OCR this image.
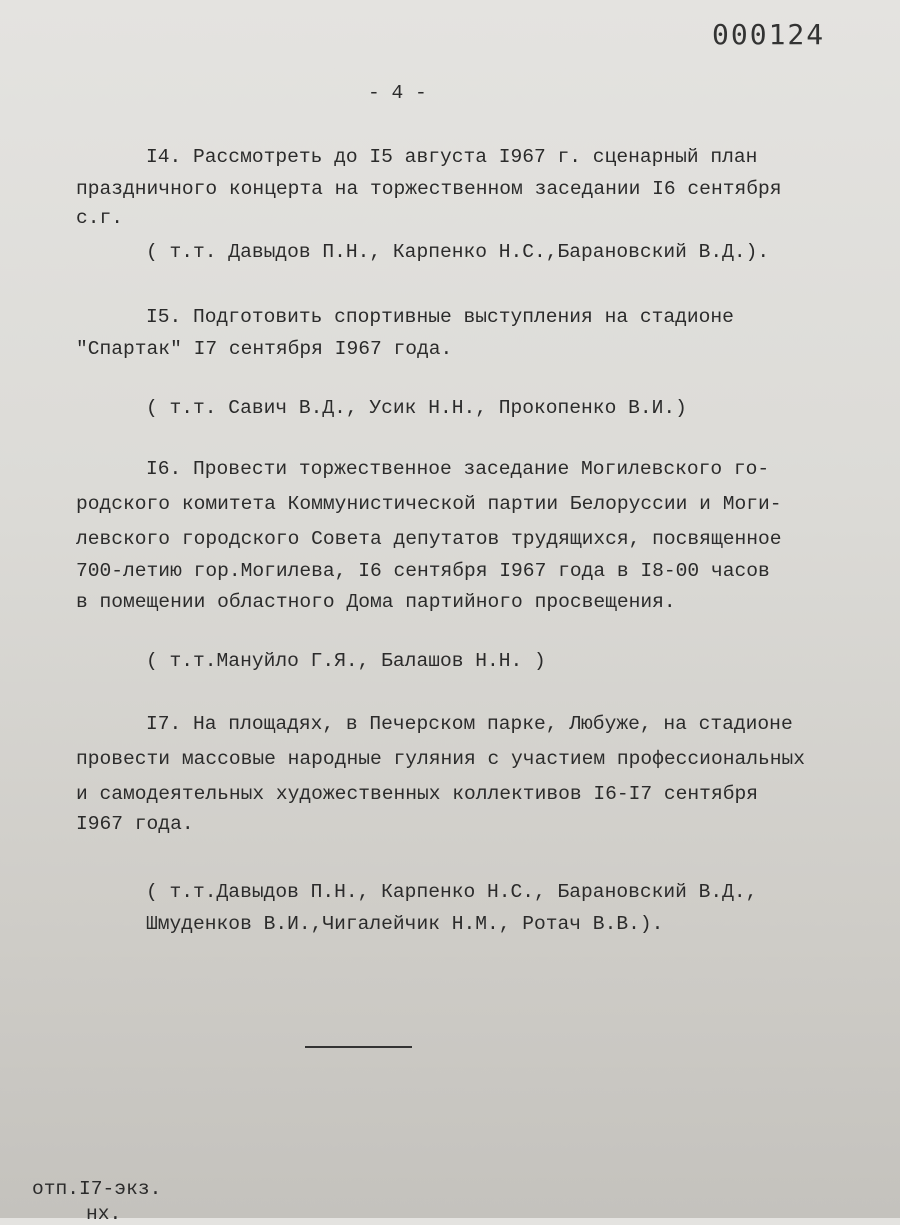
000124
- 4 -
I4. Рассмотреть до I5 августа I967 г. сценарный план
праздничного концерта на торжественном заседании I6 сентября
с.г.
( т.т. Давыдов П.Н., Карпенко Н.С.,Барановский В.Д.).
I5. Подготовить спортивные выступления на стадионе
"Спартак" I7 сентября I967 года.
( т.т. Савич В.Д., Усик Н.Н., Прокопенко В.И.)
I6. Провести торжественное заседание Могилевского го-
родского комитета Коммунистической партии Белоруссии и Моги-
левского городского Совета депутатов трудящихся, посвященное
700-летию гор.Могилева, I6 сентября I967 года в I8-00 часов
в помещении областного Дома партийного просвещения.
( т.т.Мануйло Г.Я., Балашов Н.Н. )
I7. На площадях, в Печерском парке, Любуже, на стадионе
провести массовые народные гуляния с участием профессиональных
и самодеятельных художественных коллективов I6-I7 сентября
I967 года.
( т.т.Давыдов П.Н., Карпенко Н.С., Барановский В.Д.,
Шмуденков В.И.,Чигалейчик Н.М., Ротач В.В.).
отп.I7-экз.
нх.
